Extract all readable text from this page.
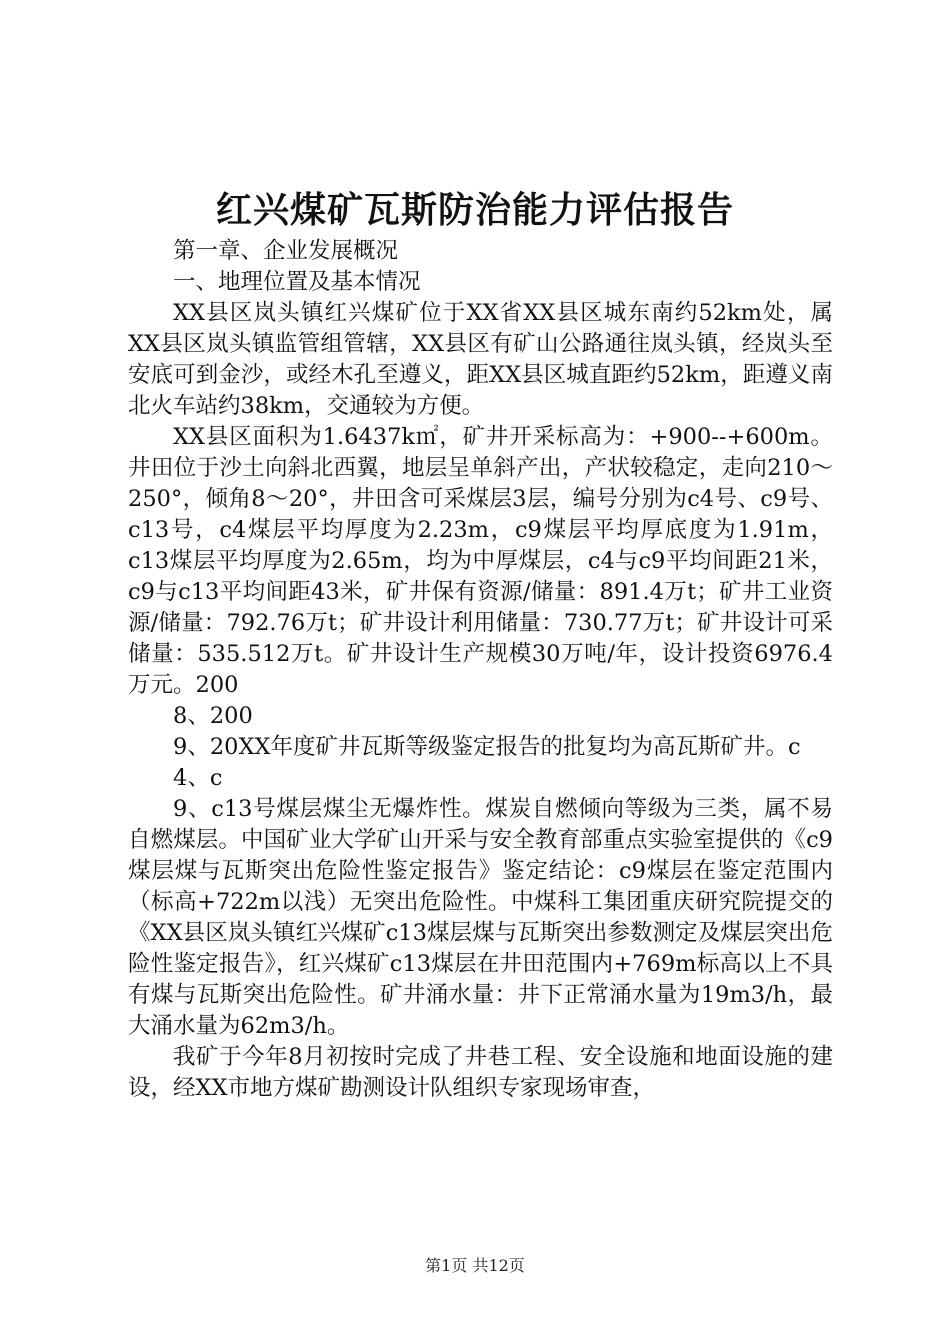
红兴煤矿瓦斯防治能力评估报告

第一章、企业发展概况

一、地理位置及基本情况

XX县区岚头镇红兴煤矿位于XX省XX县区城东南约52km处，属XX县区岚头镇监管组管辖，XX县区有矿山公路通往岚头镇，经岚头至安底可到金沙，或经木孔至遵义，距XX县区城直距约52km，距遵义南北火车站约38km，交通较为方便。

XX县区面积为1.6437k㎡，矿井开采标高为：+900--+600m。井田位于沙土向斜北西翼，地层呈单斜产出，产状较稳定，走向210～250°，倾角8～20°，井田含可采煤层3层，编号分别为c4号、c9号、c13号，c4煤层平均厚度为2.23m，c9煤层平均厚底度为1.91m，c13煤层平均厚度为2.65m，均为中厚煤层，c4与c9平均间距21米，c9与c13平均间距43米，矿井保有资源/储量：891.4万t；矿井工业资源/储量：792.76万t；矿井设计利用储量：730.77万t；矿井设计可采储量：535.512万t。矿井设计生产规模30万吨/年，设计投资6976.4万元。200

8、200

9、20XX年度矿井瓦斯等级鉴定报告的批复均为高瓦斯矿井。c

4、c

9、c13号煤层煤尘无爆炸性。煤炭自燃倾向等级为三类，属不易自燃煤层。中国矿业大学矿山开采与安全教育部重点实验室提供的《c9煤层煤与瓦斯突出危险性鉴定报告》鉴定结论：c9煤层在鉴定范围内（标高+722m以浅）无突出危险性。中煤科工集团重庆研究院提交的《XX县区岚头镇红兴煤矿c13煤层煤与瓦斯突出参数测定及煤层突出危险性鉴定报告》，红兴煤矿c13煤层在井田范围内+769m标高以上不具有煤与瓦斯突出危险性。矿井涌水量：井下正常涌水量为19m3/h，最大涌水量为62m3/h。

我矿于今年8月初按时完成了井巷工程、安全设施和地面设施的建设，经XX市地方煤矿勘测设计队组织专家现场审查，

第1页 共12页
